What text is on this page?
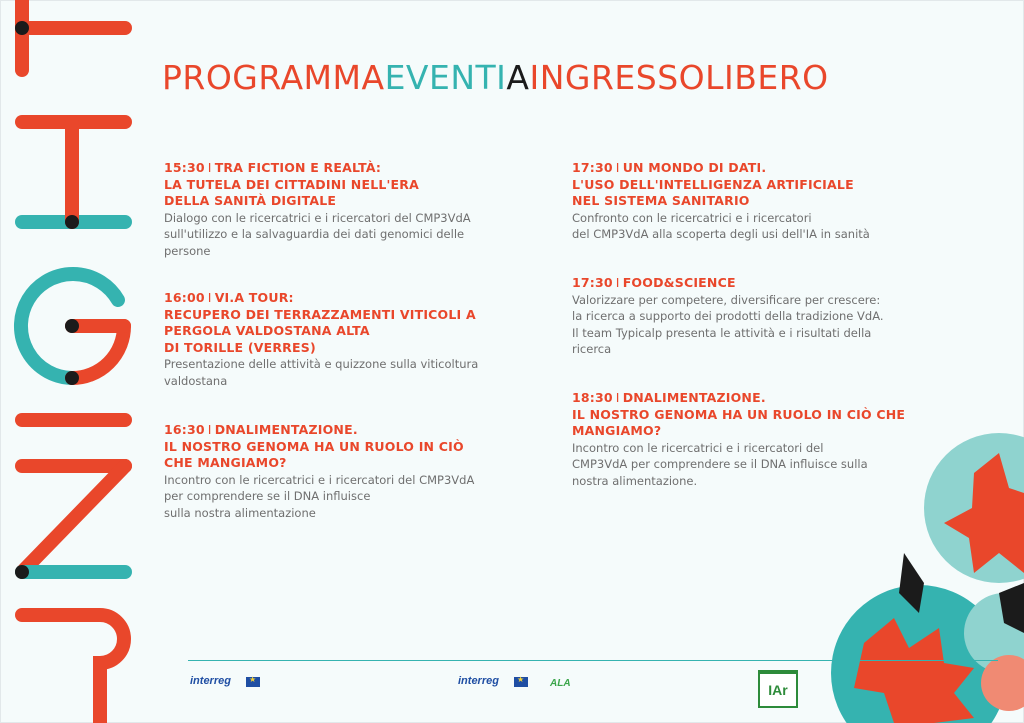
PROGRAMMAEVENTIAINGRESSOLIBERO
15:30 I TRA FICTION E REALTÀ:
LA TUTELA DEI CITTADINI NELL'ERA
DELLA SANITÀ DIGITALE
Dialogo con le ricercatrici e i ricercatori del CMP3VdA
sull'utilizzo e la salvaguardia dei dati genomici delle
persone
16:00 I VI.A TOUR:
RECUPERO DEI TERRAZZAMENTI VITICOLI A
PERGOLA VALDOSTANA ALTA
DI TORILLE (VERRES)
Presentazione delle attività e quizzone sulla viticoltura
valdostana
16:30 I DNALIMENTAZIONE.
IL NOSTRO GENOMA HA UN RUOLO IN CIÒ
CHE MANGIAMO?
Incontro con le ricercatrici e i ricercatori del CMP3VdA
per comprendere se il DNA influisce
sulla nostra alimentazione
17:30 I UN MONDO DI DATI.
L'USO DELL'INTELLIGENZA ARTIFICIALE
NEL SISTEMA SANITARIO
Confronto con le ricercatrici e i ricercatori
del CMP3VdA alla scoperta degli usi dell'IA in sanità
17:30 I FOOD&SCIENCE
Valorizzare per competere, diversificare per crescere:
la ricerca a supporto dei prodotti della tradizione VdA.
Il team Typicalp presenta le attività e i risultati della
ricerca
18:30 I DNALIMENTAZIONE.
IL NOSTRO GENOMA HA UN RUOLO IN CIÒ CHE
MANGIAMO?
Incontro con le ricercatrici e i ricercatori del
CMP3VdA per comprendere se il DNA influisce sulla
nostra alimentazione.
interreg
★	interreg
★	ALA	IAr
